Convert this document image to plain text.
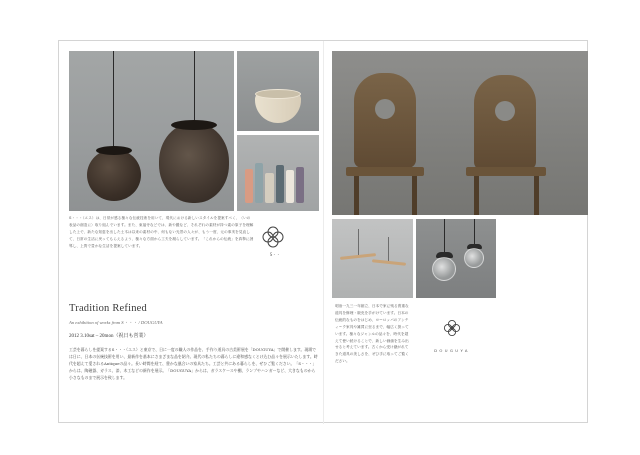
S・・・（エス）は、日常が感る様々な伝統技術を用いて、現代における新しいスタイルを提案すべく、〈いの表品の創造に〉取り組んでいます。また、東福寺などでは、新や鍛など、それぞれの素材が持つ素の原子を理解した上で、新たな知恵を出した土木は以来の素材の中、何もない光景の人々が、もう一度、元の事実を見直して、日常の生活に戻ってもらえるよう、様々な方面から工夫を凝らしています。「これからの伝統」を真摯に誘導し、上質で豊かな生活を提案しています。

S・・
Tradition Refined
An exhibition of works from S・・・ / DOUGUYA
2012 3.10sat ‒ 20mon（祝日も営業）

工芸を暮らしを提案するS・・・（エス）と東京で、日に一度の職人の作品を、手作り道具の古美術展を「DOUGUYA」で開催します。現場では日に、日本の伝統技術を用い、最新作を基本にさまざまな品を紹介。現代の私たちの暮らしに違和感なくとけ込む品々を展示いたします。時代を超えて愛されるAntiqueの品々。長い時間を経て、豊かな風合いの家具たち。工芸と共にある暮らしを、ぜひご覧ください。「S・・・」からは、陶磁器、ガラス、漆、木工などの新作を展示。「DOUGUYA」からは、ガラスケースや棚、ランプやハンガーなど、大きなものから小さなものまで展示を致します。

明治一九三一年創立、日本で家に残る貴重な道具を修理・販売を手がけています。日本の伝統的なものをはじめ、ヨーロッパのアンティーク家具や雑貨に至るまで、幅広く扱っています。様々なジャンルの品々を、時代を超えて使い続けることで、新しい価値を生み出せると考えています。古くから受け継がれてきた道具の美しさを、ぜひ手に取ってご覧ください。

DOUGUYA
